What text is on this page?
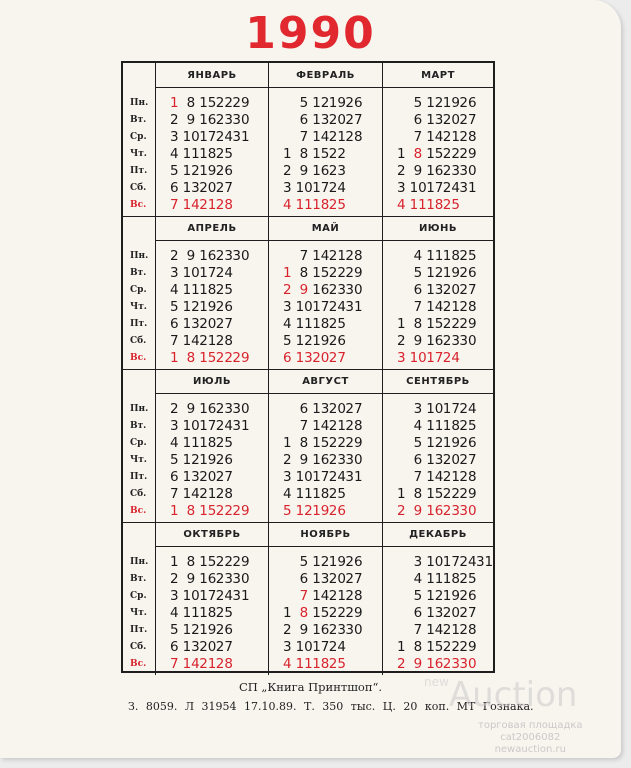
1990
Пн.
Вт.
Ср.
Чт.
Пт.
Сб.
Вс.
ЯНВАРЬ
1 8 152229
2 9 162330
3 10172431
4 111825
5 121926
6 132027
7 142128
ФЕВРАЛЬ
5 121926
6 132027
7 142128
1 8 1522
2 9 1623
3 101724
4 111825
МАРТ
5 121926
6 132027
7 142128
1 8 152229
2 9 162330
3 10172431
4 111825
Пн.
Вт.
Ср.
Чт.
Пт.
Сб.
Вс.
АПРЕЛЬ
2 9 162330
3 101724
4 111825
5 121926
6 132027
7 142128
1 8 152229
МАЙ
7 142128
1 8 152229
2 9 162330
3 10172431
4 111825
5 121926
6 132027
ИЮНЬ
4 111825
5 121926
6 132027
7 142128
1 8 152229
2 9 162330
3 101724
Пн.
Вт.
Ср.
Чт.
Пт.
Сб.
Вс.
ИЮЛЬ
2 9 162330
3 10172431
4 111825
5 121926
6 132027
7 142128
1 8 152229
АВГУСТ
6 132027
7 142128
1 8 152229
2 9 162330
3 10172431
4 111825
5 121926
СЕНТЯБРЬ
3 101724
4 111825
5 121926
6 132027
7 142128
1 8 152229
2 9 162330
Пн.
Вт.
Ср.
Чт.
Пт.
Сб.
Вс.
ОКТЯБРЬ
1 8 152229
2 9 162330
3 10172431
4 111825
5 121926
6 132027
7 142128
НОЯБРЬ
5 121926
6 132027
7 142128
1 8 152229
2 9 162330
3 101724
4 111825
ДЕКАБРЬ
3 10172431
4 111825
5 121926
6 132027
7 142128
1 8 152229
2 9 162330
СП „Книга Принтшоп“.
З. 8059. Л 31954 17.10.89. Т. 350 тыс. Ц. 20 коп. МТ Гознака.
$^{new}$Auction
торговая площадка
cat2006082
newauction.ru
